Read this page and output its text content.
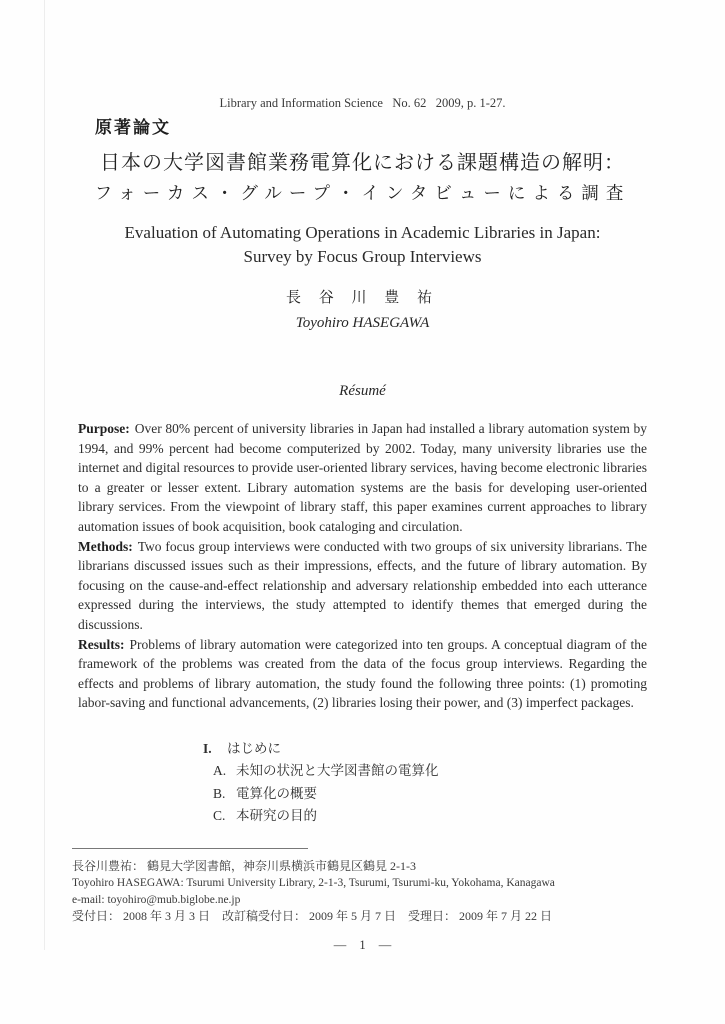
Library and Information Science   No. 62   2009, p. 1-27.
原著論文
日本の大学図書館業務電算化における課題構造の解明：
フォーカス・グループ・インタビューによる調査
Evaluation of Automating Operations in Academic Libraries in Japan:
Survey by Focus Group Interviews
長 谷 川 豊 祐
Toyohiro HASEGAWA
Résumé

Purpose: Over 80% percent of university libraries in Japan had installed a library automation system by 1994, and 99% percent had become computerized by 2002. Today, many university libraries use the internet and digital resources to provide user-oriented library services, having become electronic libraries to a greater or lesser extent. Library automation systems are the basis for developing user-oriented library services. From the viewpoint of library staff, this paper examines current approaches to library automation issues of book acquisition, book cataloging and circulation.

Methods: Two focus group interviews were conducted with two groups of six university librarians. The librarians discussed issues such as their impressions, effects, and the future of library automation. By focusing on the cause-and-effect relationship and adversary relationship embedded into each utterance expressed during the interviews, the study attempted to identify themes that emerged during the discussions.

Results: Problems of library automation were categorized into ten groups. A conceptual diagram of the framework of the problems was created from the data of the focus group interviews. Regarding the effects and problems of library automation, the study found the following three points: (1) promoting labor-saving and functional advancements, (2) libraries losing their power, and (3) imperfect packages.

I. はじめに
A. 未知の状況と大学図書館の電算化
B. 電算化の概要
C. 本研究の目的
長谷川豊祐： 鶴見大学図書館，神奈川県横浜市鶴見区鶴見 2-1-3
Toyohiro HASEGAWA: Tsurumi University Library, 2-1-3, Tsurumi, Tsurumi-ku, Yokohama, Kanagawa
e-mail: toyohiro@mub.biglobe.ne.jp
受付日： 2008 年 3 月 3 日　改訂稿受付日： 2009 年 5 月 7 日　受理日： 2009 年 7 月 22 日
— 1 —
